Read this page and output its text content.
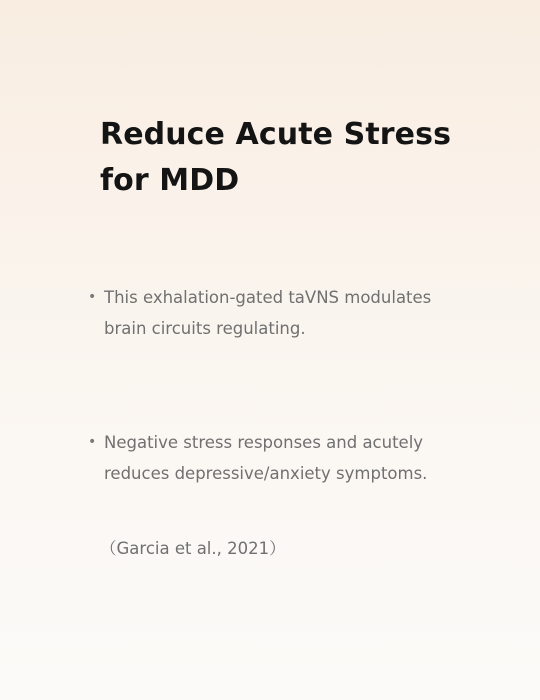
Reduce Acute Stress
for MDD
• This exhalation-gated taVNS modulates
brain circuits regulating.
• Negative stress responses and acutely
reduces depressive/anxiety symptoms.
（Garcia et al., 2021）
